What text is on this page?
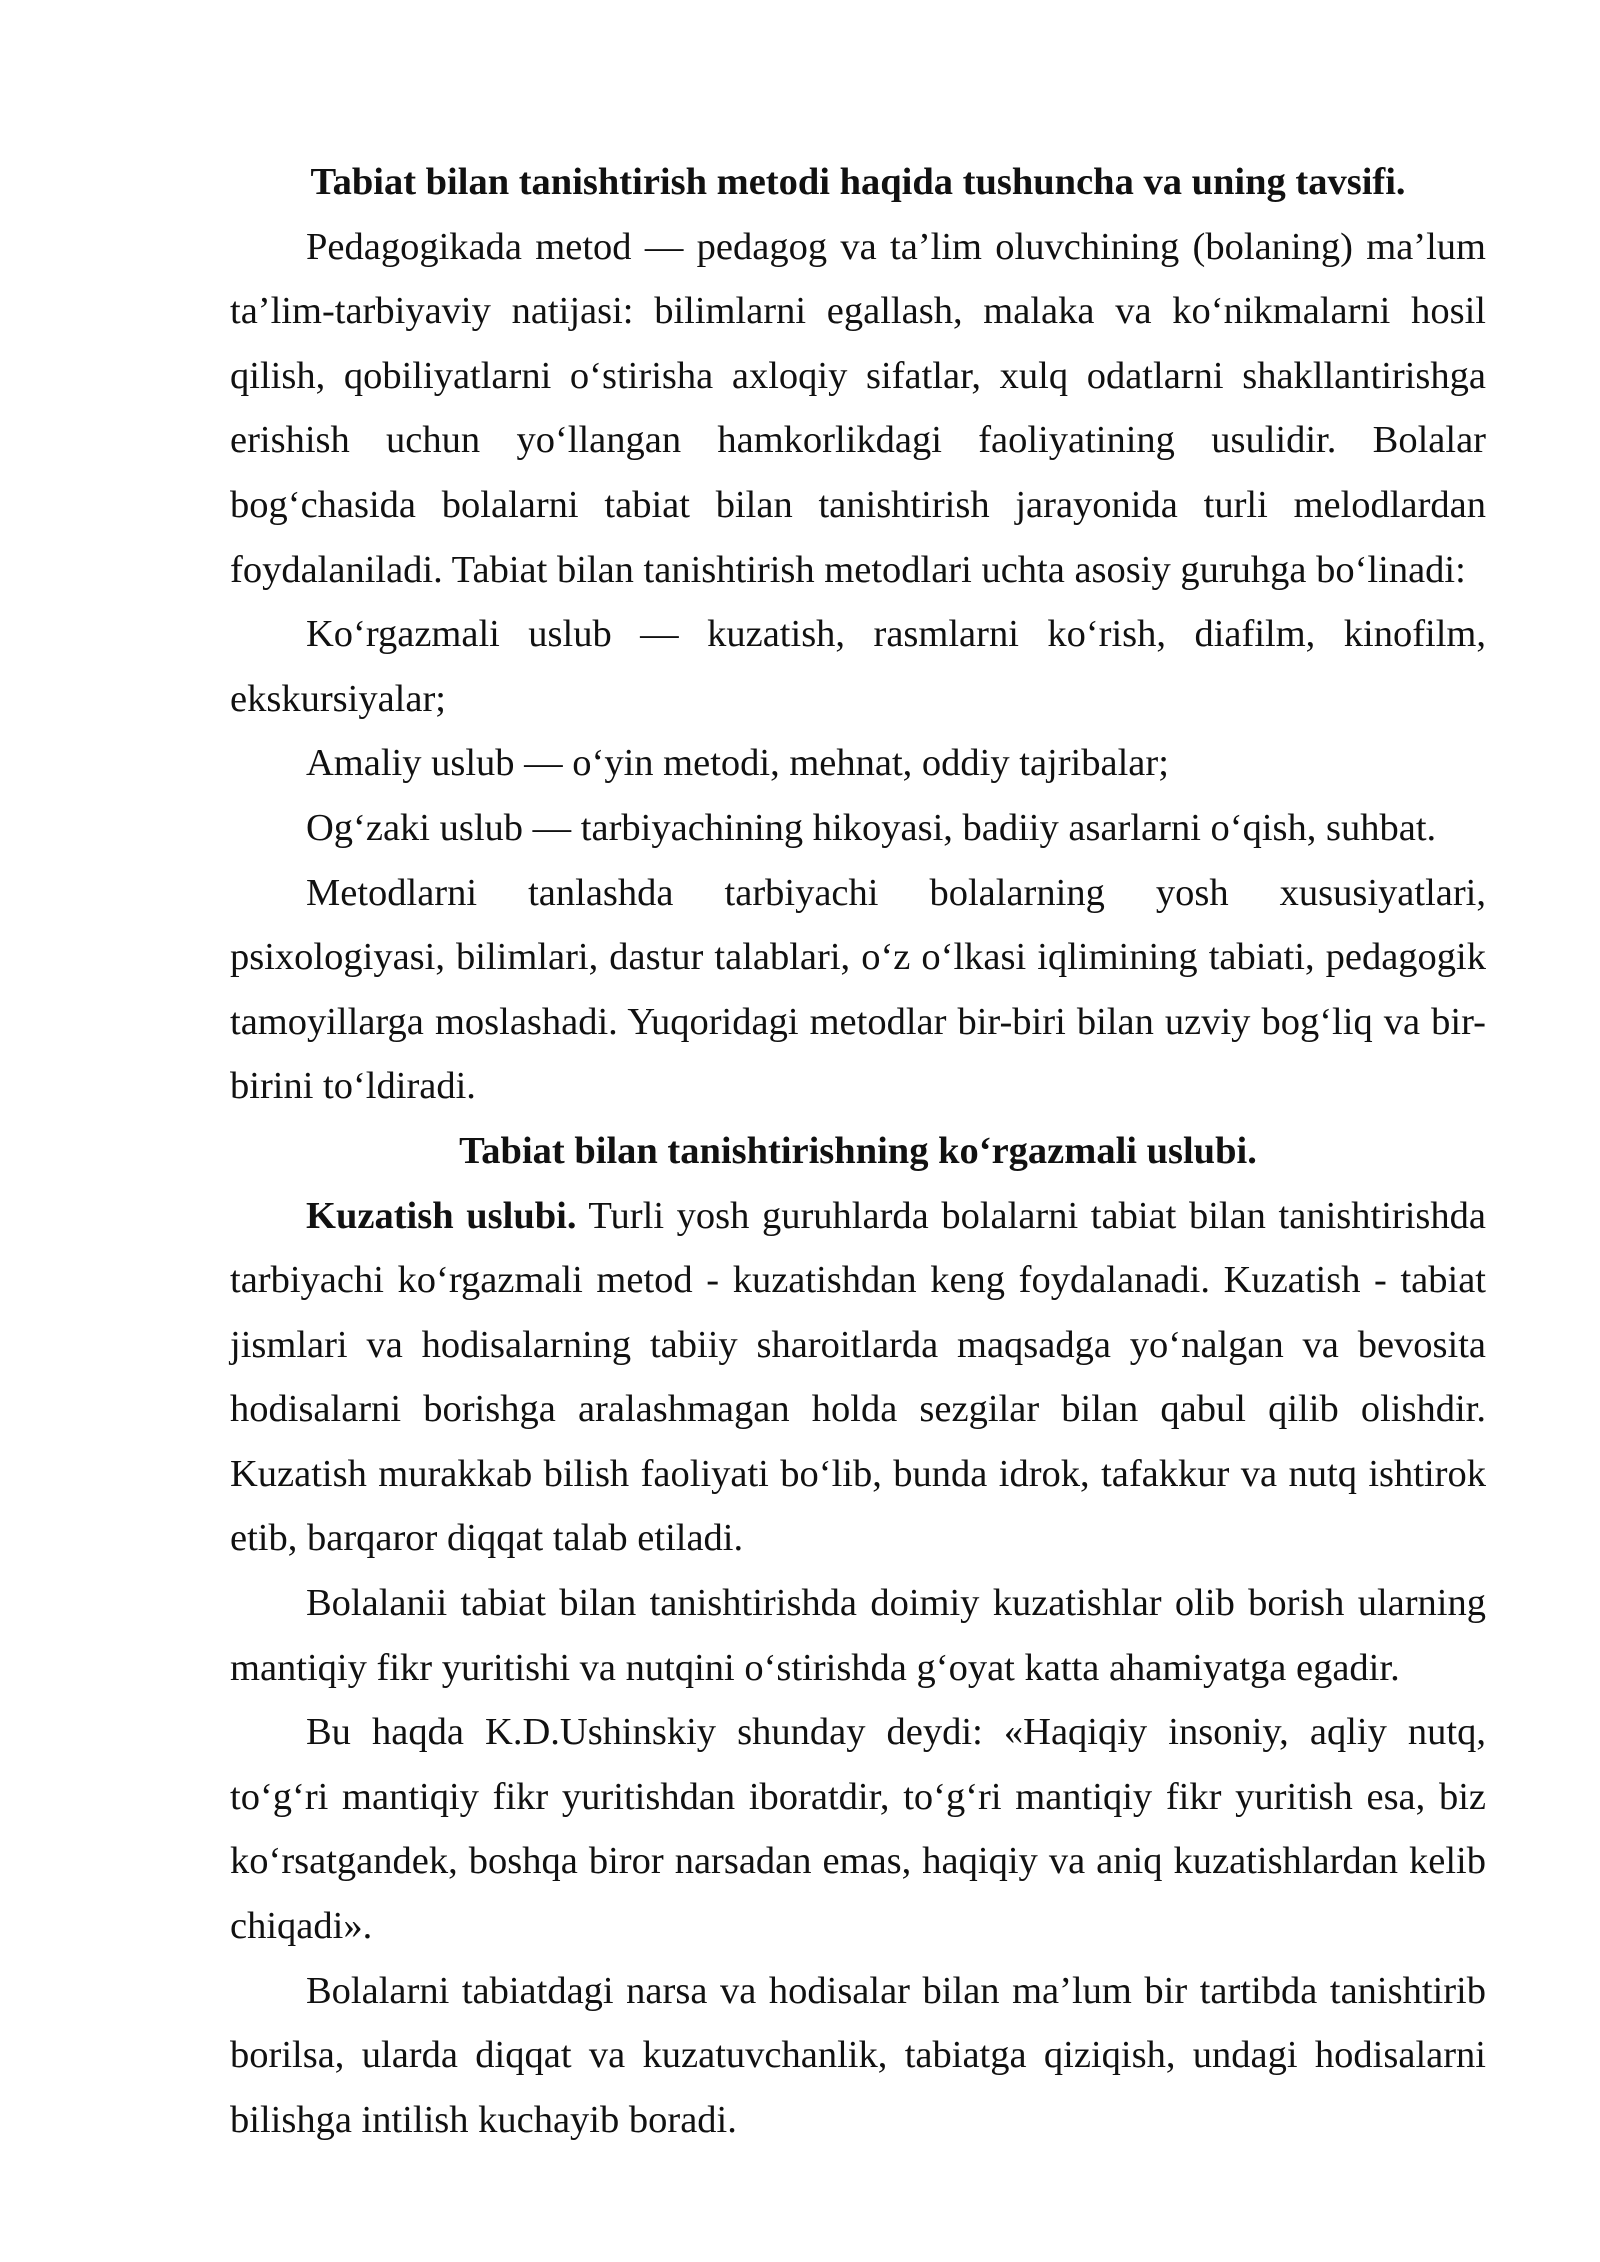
Tabiat bilan tanishtirish metodi haqida tushuncha va uning tavsifi.

Pedagogikada metod — pedagog va ta’lim oluvchining (bolaning) ma’lum ta’lim-tarbiyaviy natijasi: bilimlarni egallash, malaka va ko‘nikmalarni hosil qilish, qobiliyatlarni o‘stirisha axloqiy sifatlar, xulq odatlarni shakllantirishga erishish uchun yo‘llangan hamkorlikdagi faoliyatining usulidir. Bolalar bog‘chasida bolalarni tabiat bilan tanishtirish jarayonida turli melodlardan foydalaniladi. Tabiat bilan tanishtirish metodlari uchta asosiy guruhga bo‘linadi:

Ko‘rgazmali uslub — kuzatish, rasmlarni ko‘rish, diafilm, kinofilm, ekskursiyalar;

Amaliy uslub — o‘yin metodi, mehnat, oddiy tajribalar;

Og‘zaki uslub — tarbiyachining hikoyasi, badiiy asarlarni o‘qish, suhbat.

Metodlarni tanlashda tarbiyachi bolalarning yosh xususiyatlari, psixologiyasi, bilimlari, dastur talablari, o‘z o‘lkasi iqlimining tabiati, pedagogik tamoyillarga moslashadi. Yuqoridagi metodlar bir-biri bilan uzviy bog‘liq va bir-birini to‘ldiradi.

Tabiat bilan tanishtirishning ko‘rgazmali uslubi.

Kuzatish uslubi. Turli yosh guruhlarda bolalarni tabiat bilan tanishtirishda tarbiyachi ko‘rgazmali metod - kuzatishdan keng foydalanadi. Kuzatish - tabiat jismlari va hodisalarning tabiiy sharoitlarda maqsadga yo‘nalgan va bevosita hodisalarni borishga aralashmagan holda sezgilar bilan qabul qilib olishdir. Kuzatish murakkab bilish faoliyati bo‘lib, bunda idrok, tafakkur va nutq ishtirok etib, barqaror diqqat talab etiladi.

Bolalanii tabiat bilan tanishtirishda doimiy kuzatishlar olib borish ularning mantiqiy fikr yuritishi va nutqini o‘stirishda g‘oyat katta ahamiyatga egadir.

Bu haqda K.D.Ushinskiy shunday deydi: «Haqiqiy insoniy, aqliy nutq, to‘g‘ri mantiqiy fikr yuritishdan iboratdir, to‘g‘ri mantiqiy fikr yuritish esa, biz ko‘rsatgandek, boshqa biror narsadan emas, haqiqiy va aniq kuzatishlardan kelib chiqadi».

Bolalarni tabiatdagi narsa va hodisalar bilan ma’lum bir tartibda tanishtirib borilsa, ularda diqqat va kuzatuvchanlik, tabiatga qiziqish, undagi hodisalarni bilishga intilish kuchayib boradi.
